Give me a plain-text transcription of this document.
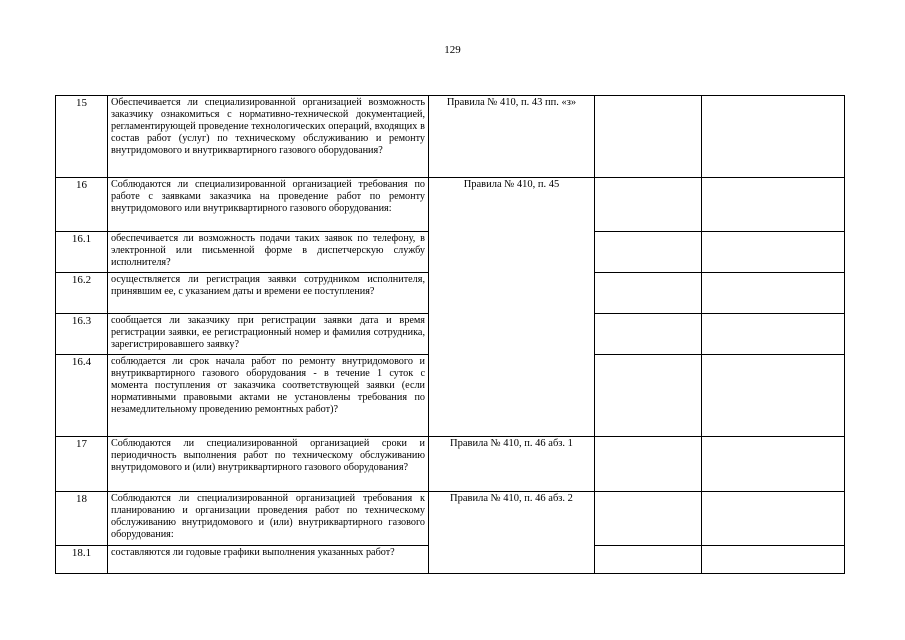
129
15	Обеспечивается ли специализированной организацией возможность заказчику ознакомиться с нормативно-технической документацией, регламентирующей проведение технологических операций, входящих в состав работ (услуг) по техническому обслуживанию и ремонту внутридомового и внутриквартирного газового оборудования?	Правила № 410, п. 43 пп. «з»		
16	Соблюдаются ли специализированной организацией требования по работе с заявками заказчика на проведение работ по ремонту внутридомового или внутриквартирного газового оборудования:	Правила № 410, п. 45		
16.1	обеспечивается ли возможность подачи таких заявок по телефону, в электронной или письменной форме в диспетчерскую службу исполнителя?			
16.2	осуществляется ли регистрация заявки сотрудником исполнителя, принявшим ее, с указанием даты и времени ее поступления?			
16.3	сообщается ли заказчику при регистрации заявки дата и время регистрации заявки, ее регистрационный номер и фамилия сотрудника, зарегистрировавшего заявку?			
16.4	соблюдается ли срок начала работ по ремонту внутридомового и внутриквартирного газового оборудования - в течение 1 суток с момента поступления от заказчика соответствующей заявки (если нормативными правовыми актами не установлены требования по незамедлительному проведению ремонтных работ)?			
17	Соблюдаются ли специализированной организацией сроки и периодичность выполнения работ по техническому обслуживанию внутридомового и (или) внутриквартирного газового оборудования?	Правила № 410, п. 46 абз. 1		
18	Соблюдаются ли специализированной организацией требования к планированию и организации проведения работ по техническому обслуживанию внутридомового и (или) внутриквартирного газового оборудования:	Правила № 410, п. 46 абз. 2		
18.1	составляются ли годовые графики выполнения указанных работ?			
